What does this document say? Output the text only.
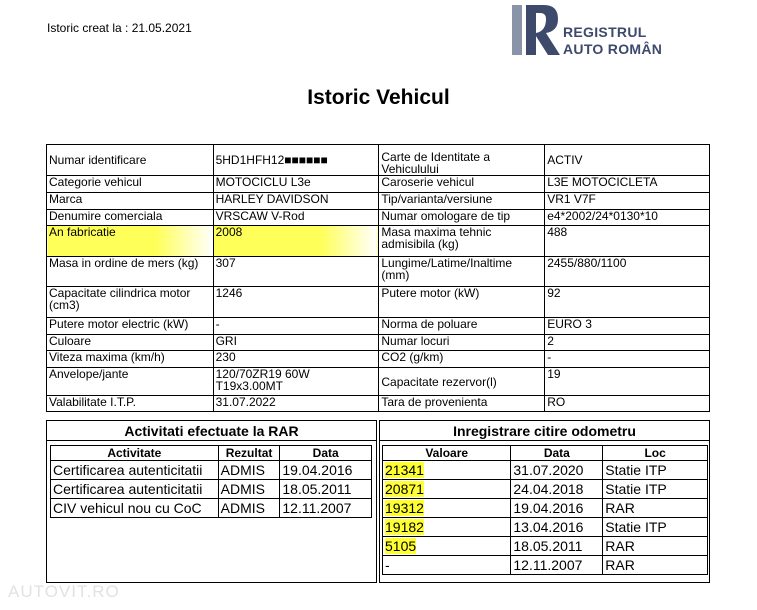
Istoric creat la : 21.05.2021	REGISTRUL
AUTO ROMÂN
Istoric Vehicul
Numar identificare	5HD1HFH12■■■■■■	Carte de Identitate a Vehiculului	ACTIV
Categorie vehicul	MOTOCICLU L3e	Caroserie vehicul	L3E MOTOCICLETA
Marca	HARLEY DAVIDSON	Tip/varianta/versiune	VR1 V7F
Denumire comerciala	VRSCAW V-Rod	Numar omologare de tip	e4*2002/24*0130*10
An fabricatie	2008	Masa maxima tehnic admisibila (kg)	488
Masa in ordine de mers (kg)	307	Lungime/Latime/Inaltime (mm)	2455/880/1100
Capacitate cilindrica motor (cm3)	1246	Putere motor (kW)	92
Putere motor electric (kW)	-	Norma de poluare	EURO 3
Culoare	GRI	Numar locuri	2
Viteza maxima (km/h)	230	CO2 (g/km)	-
Anvelope/jante	120/70ZR19 60W T19x3.00MT	Capacitate rezervor(l)	19
Valabilitate I.T.P.	31.07.2022	Tara de provenienta	RO
Activitati efectuate la RAR
Activitate	Rezultat	Data
Certificarea autenticitatii	ADMIS	19.04.2016
Certificarea autenticitatii	ADMIS	18.05.2011
CIV vehicul nou cu CoC	ADMIS	12.11.2007
Inregistrare citire odometru
Valoare	Data	Loc
21341	31.07.2020	Statie ITP
20871	24.04.2018	Statie ITP
19312	19.04.2016	RAR
19182	13.04.2016	Statie ITP
5105	18.05.2011	RAR
-	12.11.2007	RAR
AUTOVIT.RO
